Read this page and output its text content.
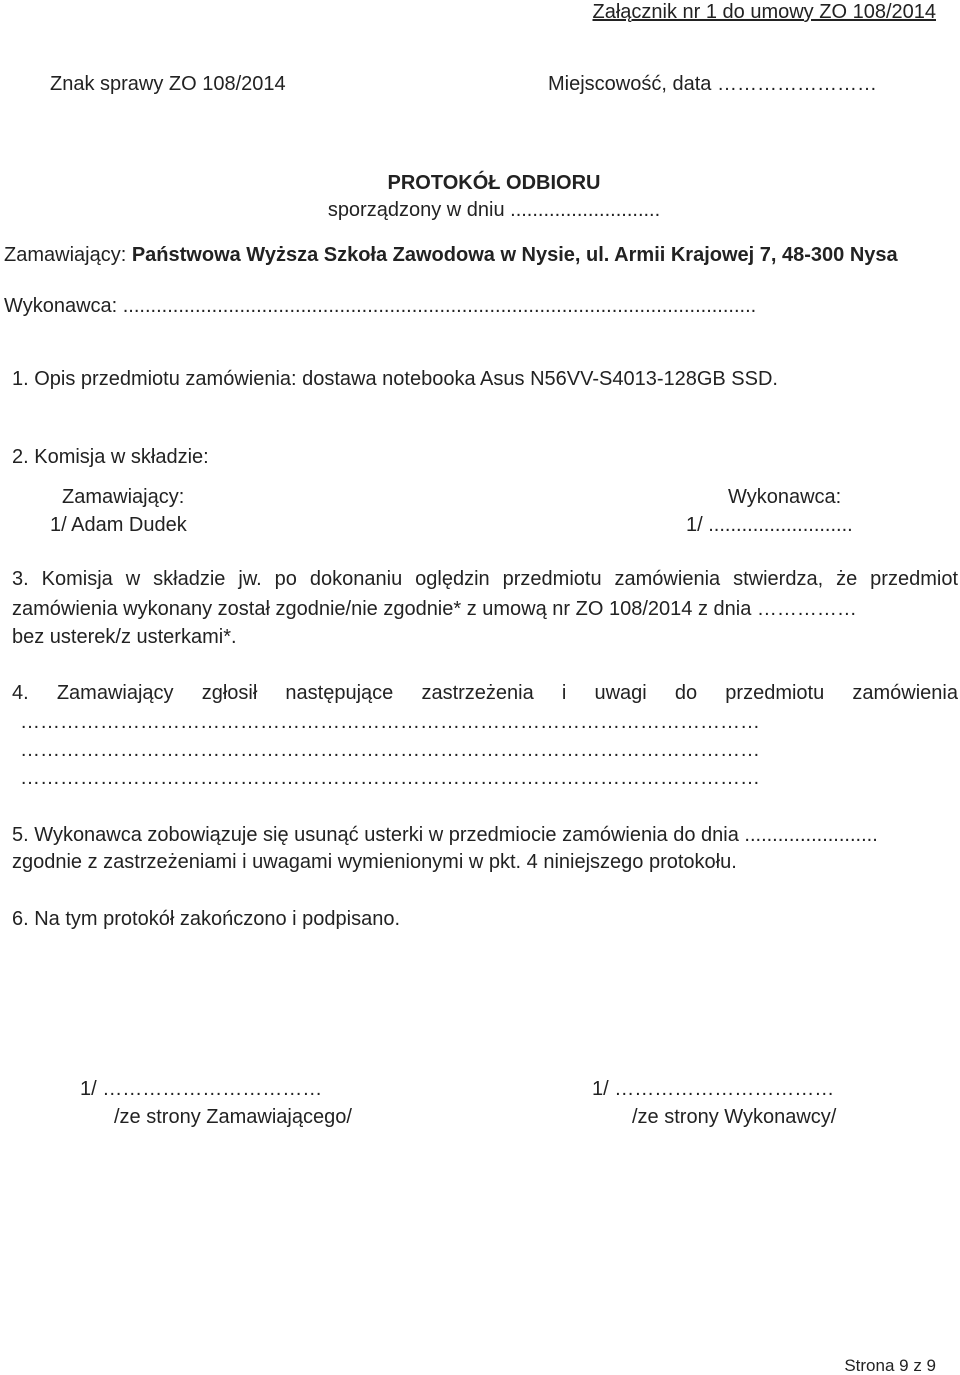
Załącznik nr 1 do umowy ZO 108/2014
Znak sprawy ZO 108/2014	Miejscowość, data ……………………
PROTOKÓŁ ODBIORU
sporządzony w dniu ...........................
Zamawiający: Państwowa Wyższa Szkoła Zawodowa w Nysie, ul. Armii Krajowej 7, 48-300 Nysa
Wykonawca: ..................................................................................................................
1. Opis przedmiotu zamówienia: dostawa notebooka Asus N56VV-S4013-128GB SSD.
2. Komisja w składzie:
Zamawiający:
1/ Adam Dudek
Wykonawca:
1/ ..........................
3. Komisja w składzie jw. po dokonaniu oględzin przedmiotu zamówienia stwierdza, że przedmiot
zamówienia wykonany został zgodnie/nie zgodnie* z umową nr ZO 108/2014 z dnia ……………
bez usterek/z usterkami*.
4. Zamawiający zgłosił następujące zastrzeżenia i uwagi do przedmiotu zamówienia
…………………………………………………………………………………………………
…………………………………………………………………………………………………
…………………………………………………………………………………………………
5. Wykonawca zobowiązuje się usunąć usterki w przedmiocie zamówienia do dnia ........................
zgodnie z zastrzeżeniami i uwagami wymienionymi w pkt. 4 niniejszego protokołu.
6. Na tym protokół zakończono i podpisano.
1/ ……………………………
/ze strony Zamawiającego/
1/ ……………………………
/ze strony Wykonawcy/
Strona 9 z 9
